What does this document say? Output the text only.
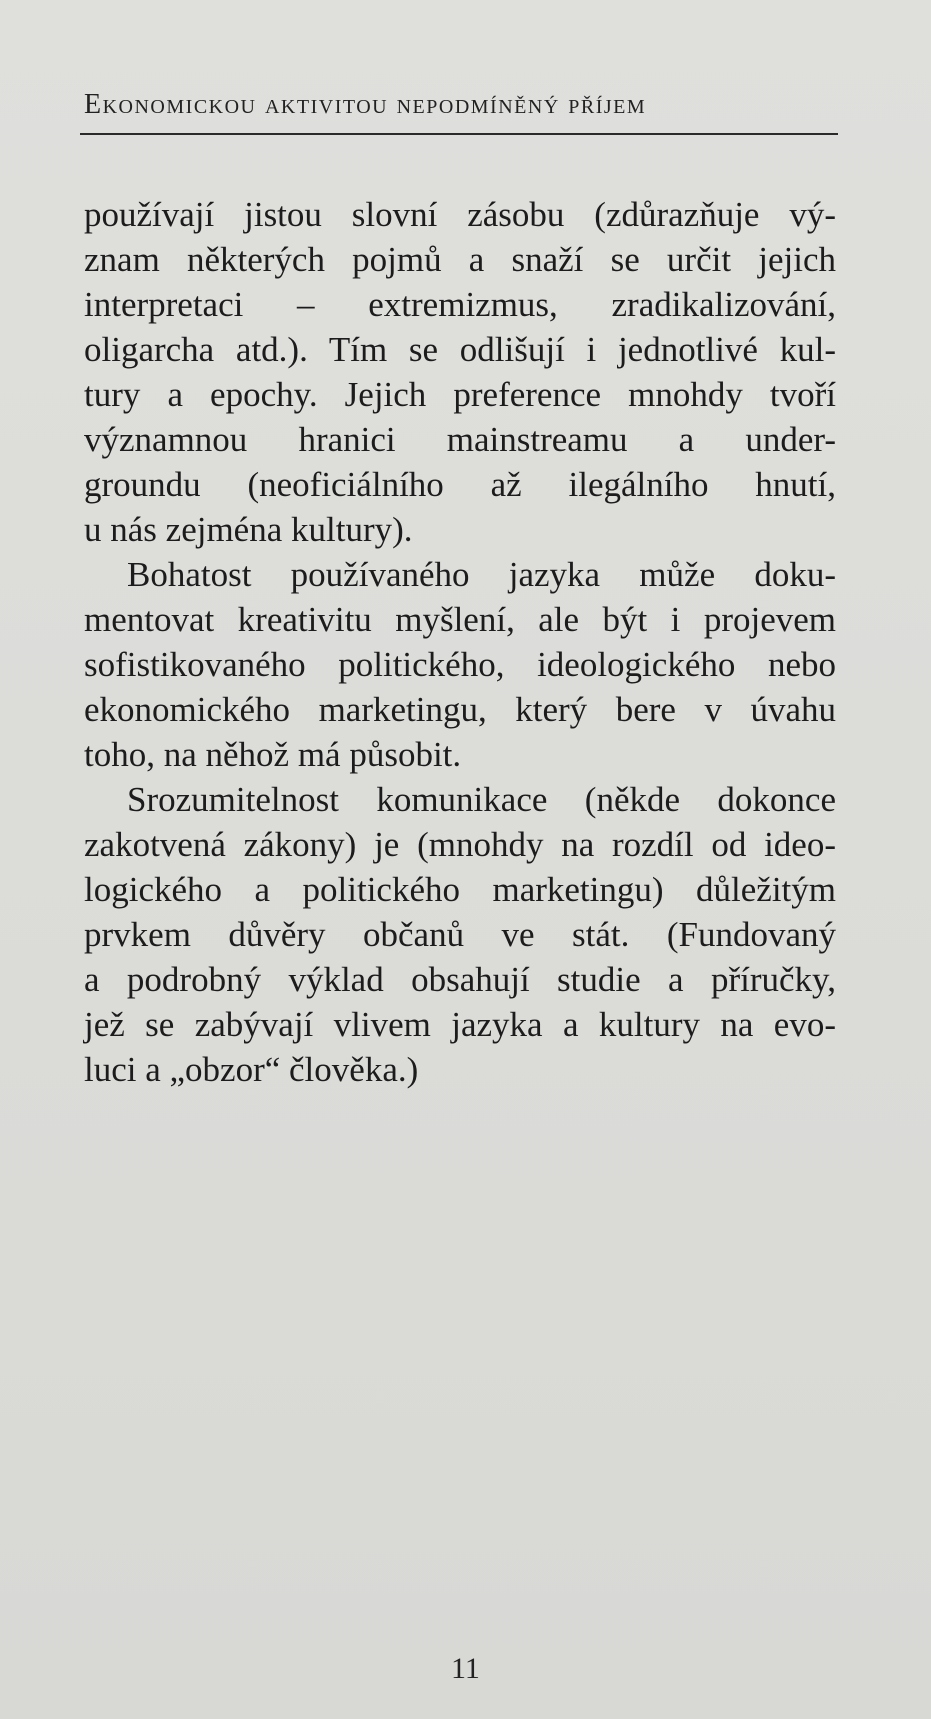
Ekonomickou aktivitou nepodmíněný příjem
používají jistou slovní zásobu (zdůrazňuje vý-
znam některých pojmů a snaží se určit jejich
interpretaci – extremizmus, zradikalizování,
oligarcha atd.). Tím se odlišují i jednotlivé kul-
tury a epochy. Jejich preference mnohdy tvoří
významnou hranici mainstreamu a under-
groundu (neoficiálního až ilegálního hnutí,
u nás zejména kultury).
Bohatost používaného jazyka může doku-
mentovat kreativitu myšlení, ale být i projevem
sofistikovaného politického, ideologického nebo
ekonomického marketingu, který bere v úvahu
toho, na něhož má působit.
Srozumitelnost komunikace (někde dokonce
zakotvená zákony) je (mnohdy na rozdíl od ideo-
logického a politického marketingu) důležitým
prvkem důvěry občanů ve stát. (Fundovaný
a podrobný výklad obsahují studie a příručky,
jež se zabývají vlivem jazyka a kultury na evo-
luci a „obzor“ člověka.)
11
